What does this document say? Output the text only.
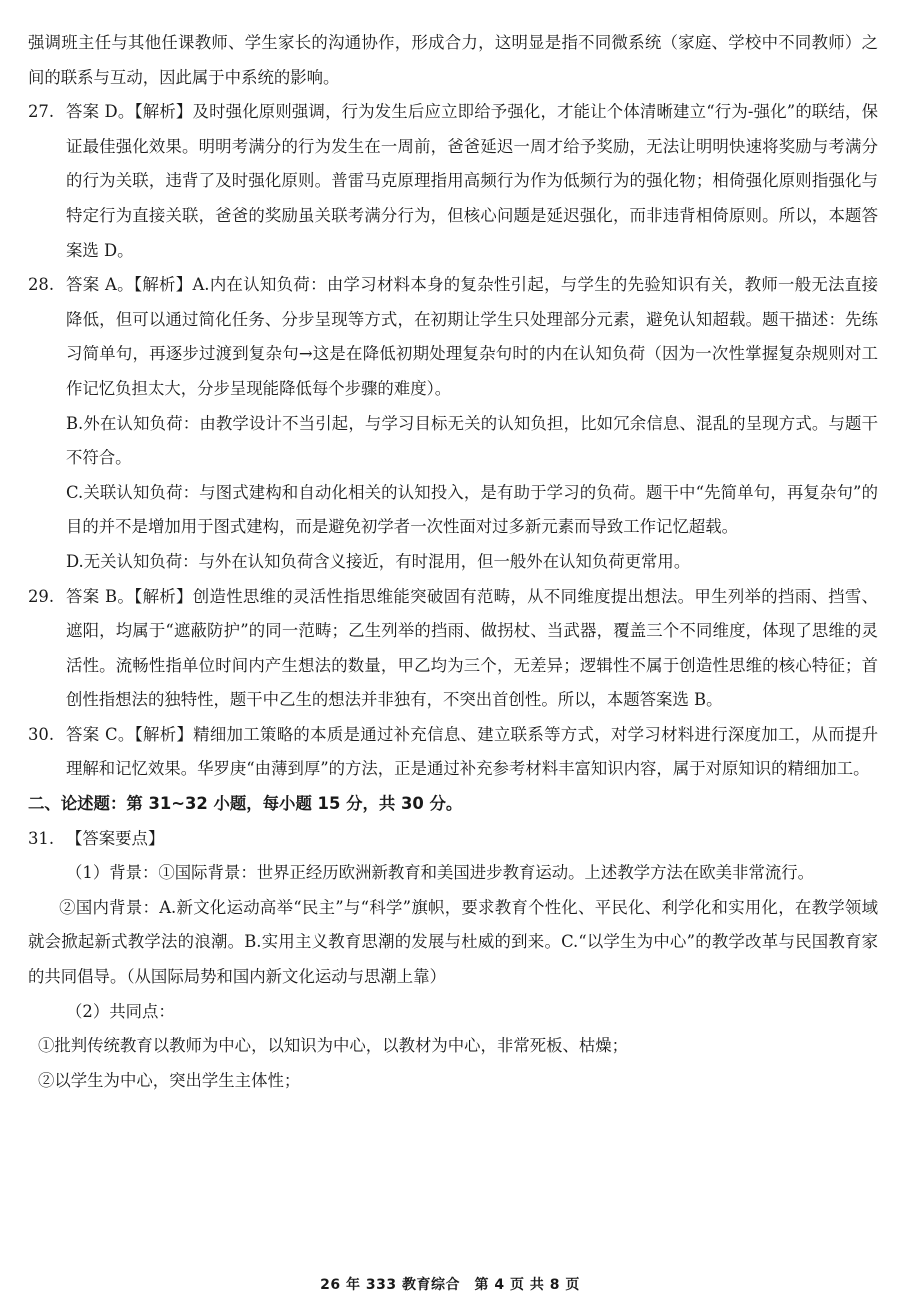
强调班主任与其他任课教师、学生家长的沟通协作，形成合力，这明显是指不同微系统（家庭、学校中不同教师）之间的联系与互动，因此属于中系统的影响。

27. 答案 D。【解析】及时强化原则强调，行为发生后应立即给予强化，才能让个体清晰建立“行为-强化”的联结，保证最佳强化效果。明明考满分的行为发生在一周前，爸爸延迟一周才给予奖励，无法让明明快速将奖励与考满分的行为关联，违背了及时强化原则。普雷马克原理指用高频行为作为低频行为的强化物；相倚强化原则指强化与特定行为直接关联，爸爸的奖励虽关联考满分行为，但核心问题是延迟强化，而非违背相倚原则。所以，本题答案选 D。

28. 答案 A。【解析】A.内在认知负荷：由学习材料本身的复杂性引起，与学生的先验知识有关，教师一般无法直接降低，但可以通过简化任务、分步呈现等方式，在初期让学生只处理部分元素，避免认知超载。题干描述：先练习简单句，再逐步过渡到复杂句→这是在降低初期处理复杂句时的内在认知负荷（因为一次性掌握复杂规则对工作记忆负担太大，分步呈现能降低每个步骤的难度）。

B.外在认知负荷：由教学设计不当引起，与学习目标无关的认知负担，比如冗余信息、混乱的呈现方式。与题干不符合。

C.关联认知负荷：与图式建构和自动化相关的认知投入，是有助于学习的负荷。题干中“先简单句，再复杂句”的目的并不是增加用于图式建构，而是避免初学者一次性面对过多新元素而导致工作记忆超载。

D.无关认知负荷：与外在认知负荷含义接近，有时混用，但一般外在认知负荷更常用。

29. 答案 B。【解析】创造性思维的灵活性指思维能突破固有范畴，从不同维度提出想法。甲生列举的挡雨、挡雪、遮阳，均属于“遮蔽防护”的同一范畴；乙生列举的挡雨、做拐杖、当武器，覆盖三个不同维度，体现了思维的灵活性。流畅性指单位时间内产生想法的数量，甲乙均为三个，无差异；逻辑性不属于创造性思维的核心特征；首创性指想法的独特性，题干中乙生的想法并非独有，不突出首创性。所以，本题答案选 B。

30. 答案 C。【解析】精细加工策略的本质是通过补充信息、建立联系等方式，对学习材料进行深度加工，从而提升理解和记忆效果。华罗庚“由薄到厚”的方法，正是通过补充参考材料丰富知识内容，属于对原知识的精细加工。

二、论述题：第 31~32 小题，每小题 15 分，共 30 分。

31. 【答案要点】

（1）背景：①国际背景：世界正经历欧洲新教育和美国进步教育运动。上述教学方法在欧美非常流行。

②国内背景：A.新文化运动高举“民主”与“科学”旗帜，要求教育个性化、平民化、利学化和实用化，在教学领域就会掀起新式教学法的浪潮。B.实用主义教育思潮的发展与杜威的到来。C.“以学生为中心”的教学改革与民国教育家的共同倡导。（从国际局势和国内新文化运动与思潮上靠）

（2）共同点：

①批判传统教育以教师为中心，以知识为中心，以教材为中心，非常死板、枯燥；

②以学生为中心，突出学生主体性；

26 年 333 教育综合　第 4 页 共 8 页
